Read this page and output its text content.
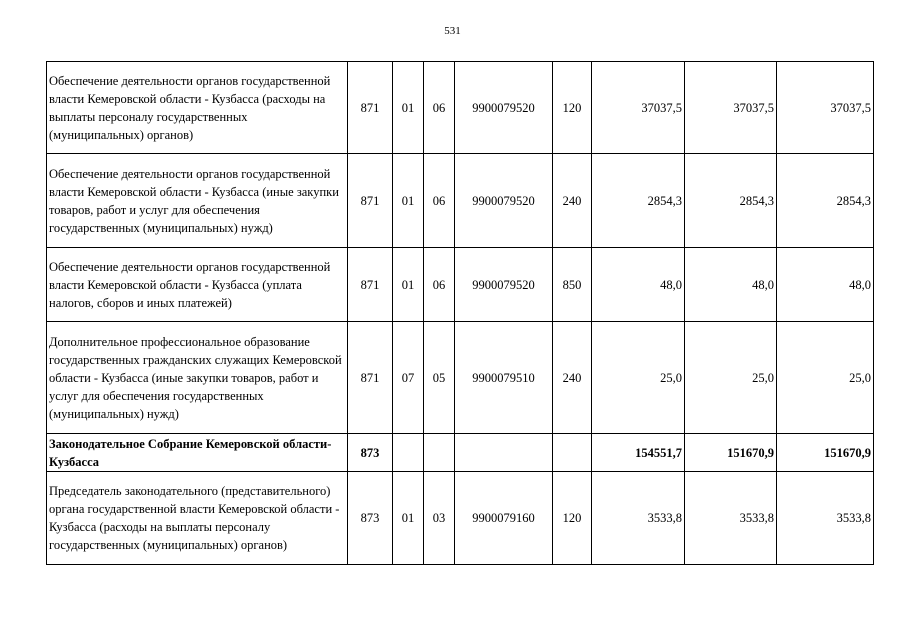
531
Обеспечение деятельности органов государственной власти Кемеровской области - Кузбасса (расходы на выплаты персоналу государственных (муниципальных) органов)	871	01	06	9900079520	120	37037,5	37037,5	37037,5
Обеспечение деятельности органов государственной власти Кемеровской области - Кузбасса (иные закупки товаров, работ и услуг для обеспечения государственных (муниципальных) нужд)	871	01	06	9900079520	240	2854,3	2854,3	2854,3
Обеспечение деятельности органов государственной власти Кемеровской области - Кузбасса (уплата налогов, сборов и иных платежей)	871	01	06	9900079520	850	48,0	48,0	48,0
Дополнительное профессиональное образование государственных гражданских служащих Кемеровской области - Кузбасса (иные закупки товаров, работ и услуг для обеспечения государственных (муниципальных) нужд)	871	07	05	9900079510	240	25,0	25,0	25,0
Законодательное Собрание Кемеровской области-Кузбасса	873					154551,7	151670,9	151670,9
Председатель законодательного (представительного) органа государственной власти Кемеровской области - Кузбасса (расходы на выплаты персоналу государственных (муниципальных) органов)	873	01	03	9900079160	120	3533,8	3533,8	3533,8
